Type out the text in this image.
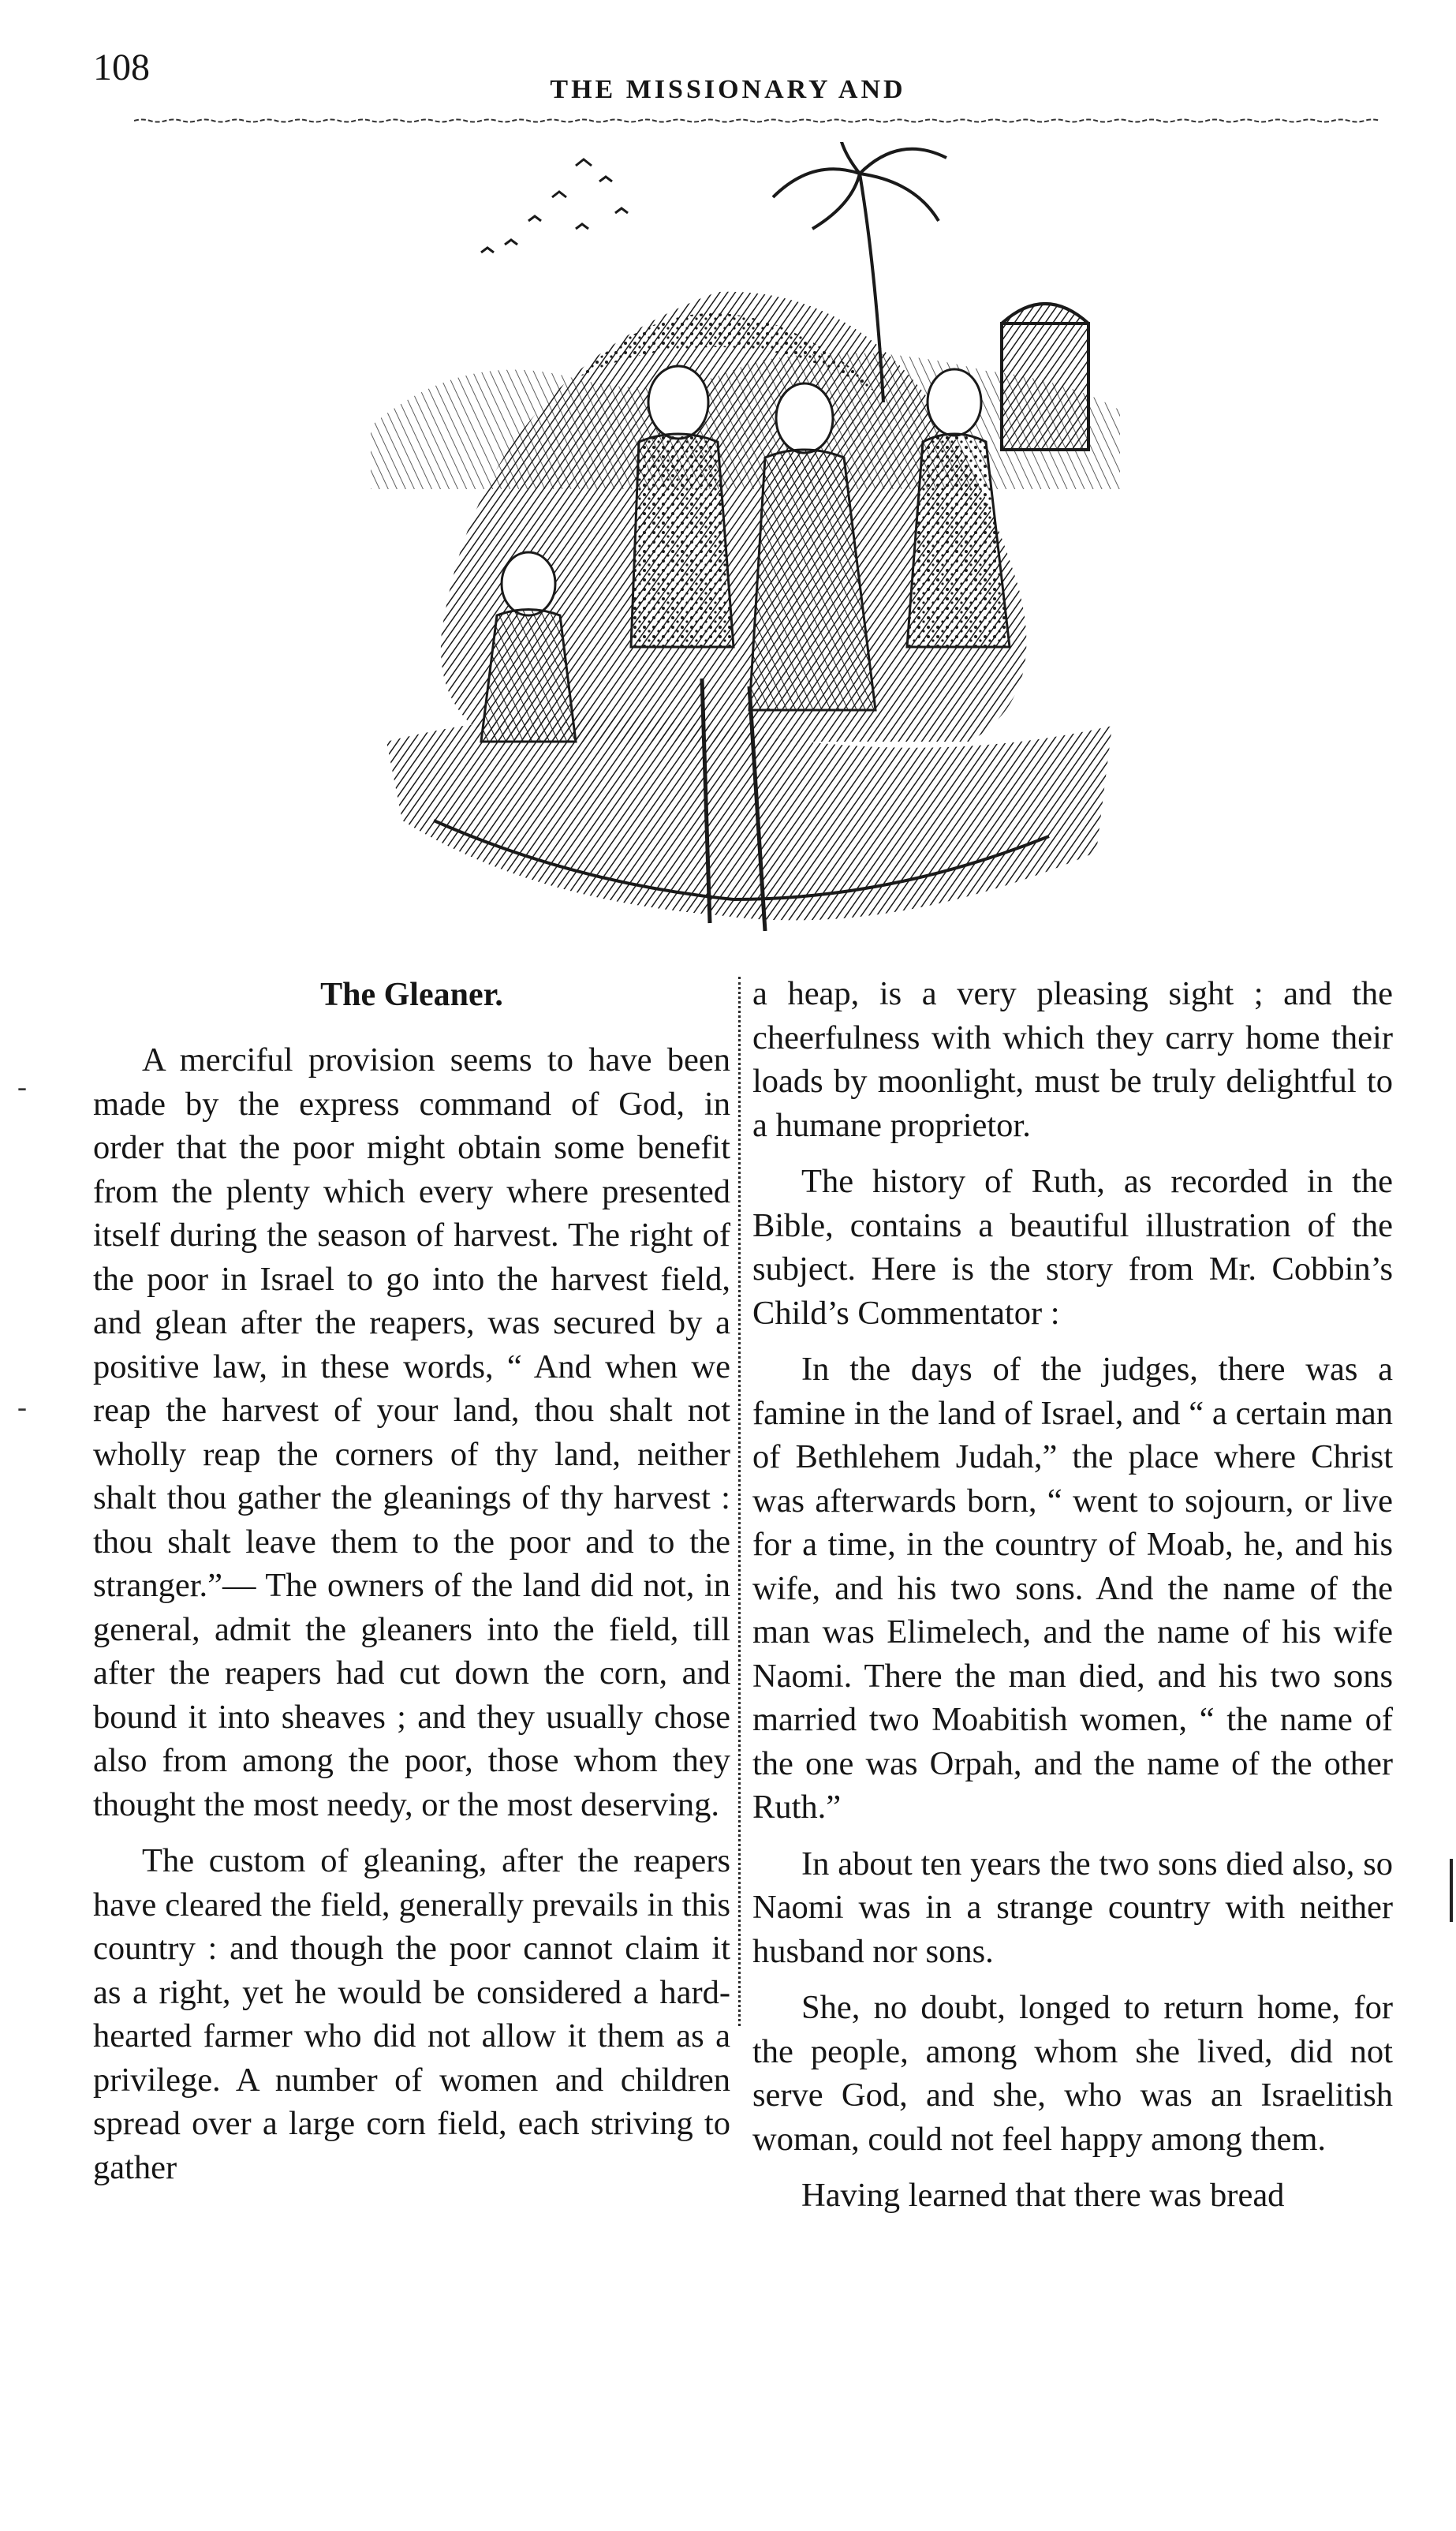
108
THE MISSIONARY AND
-
-
The Gleaner.

A merciful provision seems to have been made by the express command of God, in order that the poor might obtain some benefit from the plenty which every where presented itself during the season of harvest. The right of the poor in Israel to go into the harvest field, and glean after the reapers, was secured by a positive law, in these words, “ And when we reap the harvest of your land, thou shalt not wholly reap the corners of thy land, neither shalt thou gather the gleanings of thy harvest : thou shalt leave them to the poor and to the stranger.”— The owners of the land did not, in general, admit the gleaners into the field, till after the reapers had cut down the corn, and bound it into sheaves ; and they usually chose also from among the poor, those whom they thought the most needy, or the most deserving.

The custom of gleaning, after the reapers have cleared the field, generally prevails in this country : and though the poor cannot claim it as a right, yet he would be considered a hard-hearted farmer who did not allow it them as a privilege. A number of women and children spread over a large corn field, each striving to gather

a heap, is a very pleasing sight ; and the cheerfulness with which they carry home their loads by moonlight, must be truly delightful to a humane proprietor.

The history of Ruth, as recorded in the Bible, contains a beautiful illustration of the subject. Here is the story from Mr. Cobbin’s Child’s Commentator :

In the days of the judges, there was a famine in the land of Israel, and “ a certain man of Bethlehem Judah,” the place where Christ was afterwards born, “ went to sojourn, or live for a time, in the country of Moab, he, and his wife, and his two sons. And the name of the man was Elimelech, and the name of his wife Naomi. There the man died, and his two sons married two Moabitish women, “ the name of the one was Orpah, and the name of the other Ruth.”

In about ten years the two sons died also, so Naomi was in a strange country with neither husband nor sons.

She, no doubt, longed to return home, for the people, among whom she lived, did not serve God, and she, who was an Israelitish woman, could not feel happy among them.

Having learned that there was bread
